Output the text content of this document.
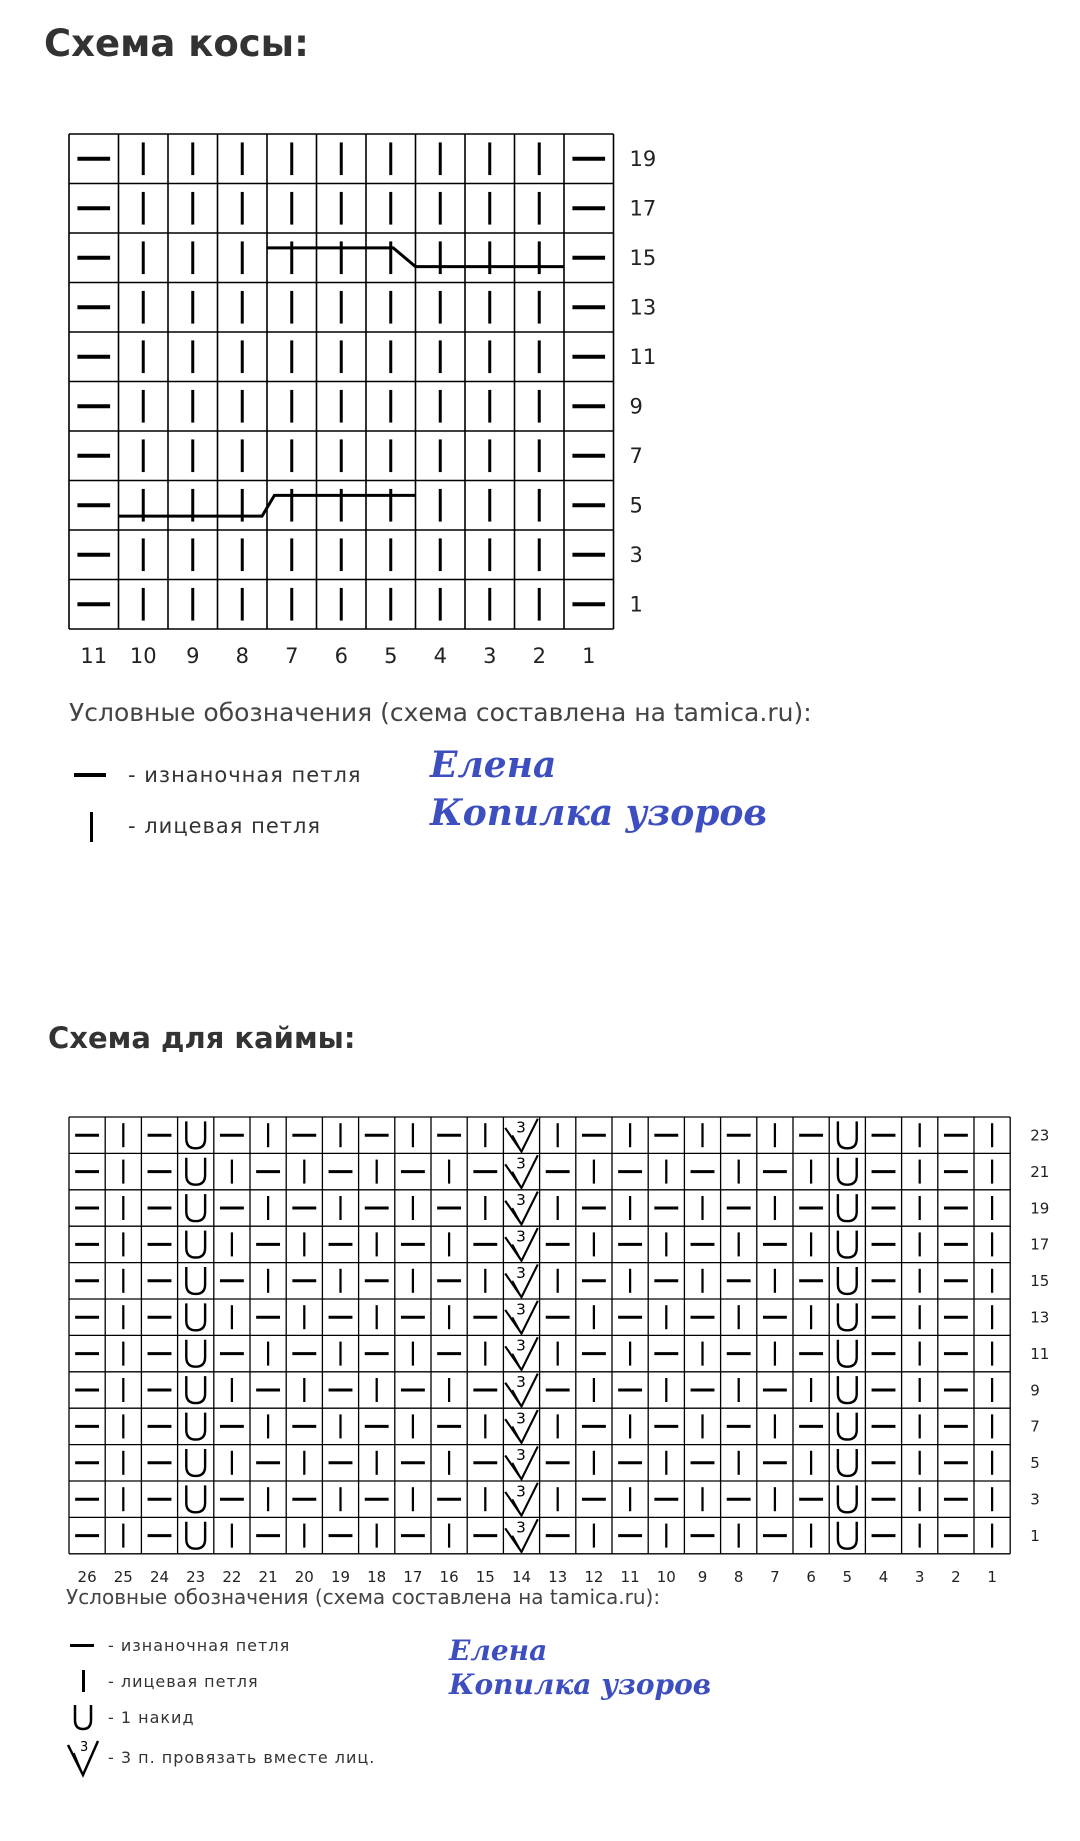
Схема косы:
19
17
15
13
11
9
7
5
3
1
11 10 9 8 7 6 5 4 3 2 1
Условные обозначения (схема составлена на tamica.ru):
- изнаночная петля
- лицевая петля
Елена
Копилка узоров
Схема для каймы:
3
3
3
3
3
3
3
3
3
3
3
3
23
21
19
17
15
13
11
9
7
5
3
1
26 25 24 23 22 21 20 19 18 17 16 15 14 13 12 11 10 9 8 7 6 5 4 3 2 1
Условные обозначения (схема составлена на tamica.ru):
- изнаночная петля
- лицевая петля
- 1 накид
3 - 3 п. провязать вместе лиц.
Елена
Копилка узоров
